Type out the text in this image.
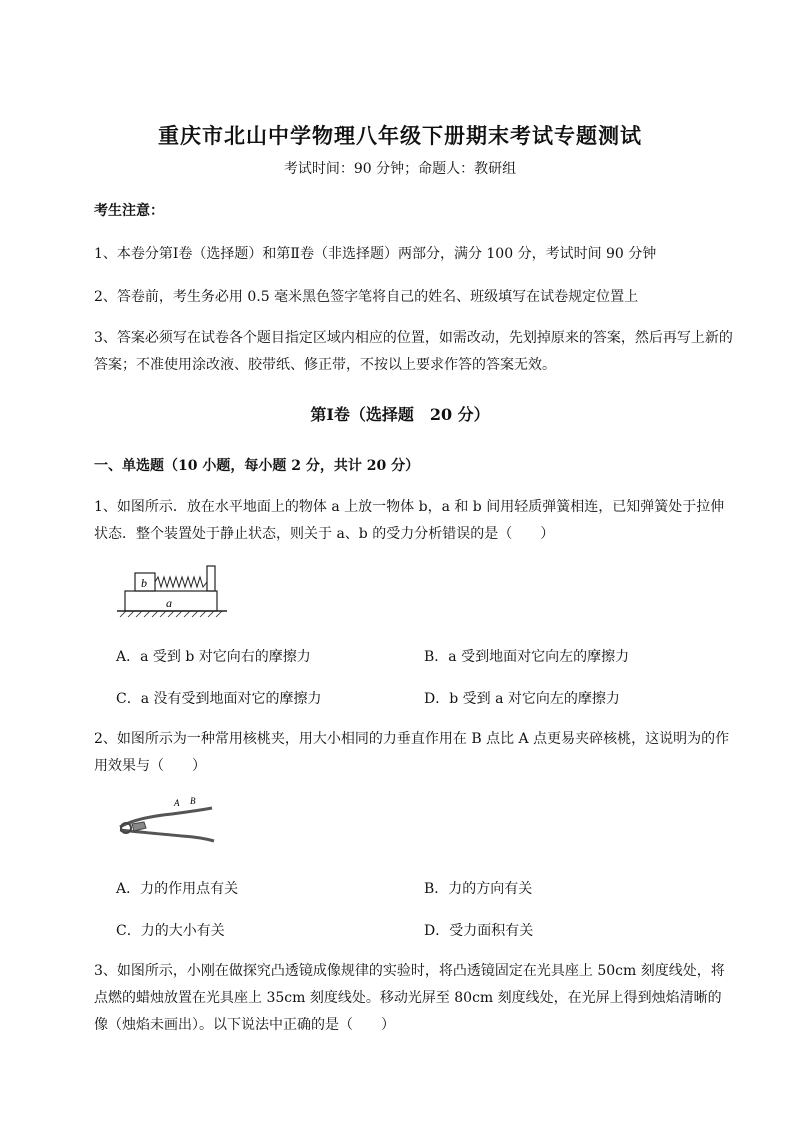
重庆市北山中学物理八年级下册期末考试专题测试
考试时间：90 分钟；命题人：教研组
考生注意：
1、本卷分第I卷（选择题）和第Ⅱ卷（非选择题）两部分，满分 100 分，考试时间 90 分钟
2、答卷前，考生务必用 0.5 毫米黑色签字笔将自己的姓名、班级填写在试卷规定位置上
3、答案必须写在试卷各个题目指定区域内相应的位置，如需改动，先划掉原来的答案，然后再写上新的答案；不准使用涂改液、胶带纸、修正带，不按以上要求作答的答案无效。
第I卷（选择题　20 分）
一、单选题（10 小题，每小题 2 分，共计 20 分）
1、如图所示．放在水平地面上的物体 a 上放一物体 b，a 和 b 间用轻质弹簧相连，已知弹簧处于拉伸状态．整个装置处于静止状态，则关于 a、b 的受力分析错误的是（　　）
b
a
A．a 受到 b 对它向右的摩擦力	B．a 受到地面对它向左的摩擦力
C．a 没有受到地面对它的摩擦力	D．b 受到 a 对它向左的摩擦力
2、如图所示为一种常用核桃夹，用大小相同的力垂直作用在 B 点比 A 点更易夹碎核桃，这说明为的作用效果与（　　）
A B
A．力的作用点有关	B．力的方向有关
C．力的大小有关	D．受力面积有关
3、如图所示，小刚在做探究凸透镜成像规律的实验时，将凸透镜固定在光具座上 50cm 刻度线处，将点燃的蜡烛放置在光具座上 35cm 刻度线处。移动光屏至 80cm 刻度线处，在光屏上得到烛焰清晰的像（烛焰未画出）。以下说法中正确的是（　　）
